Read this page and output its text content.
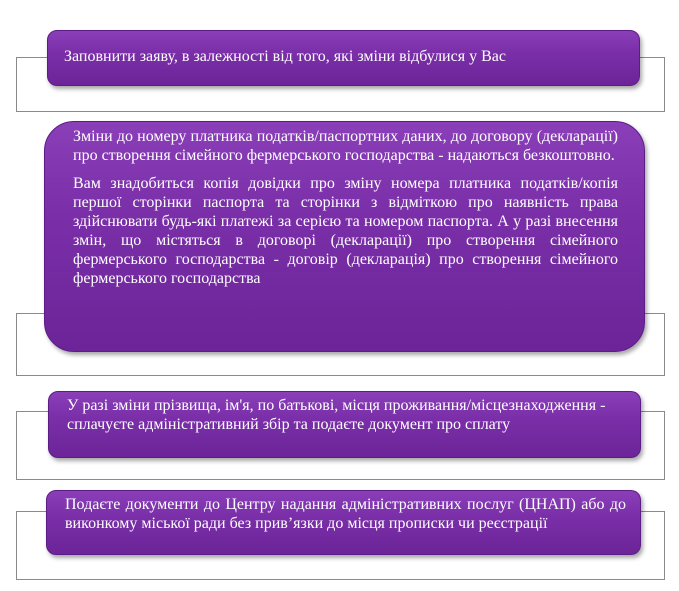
Заповнити заяву, в залежності від того, які зміни відбулися у Вас

Зміни до номеру платника податків/паспортних даних, до договору (декларації) про створення сімейного фермерського господарства - надаються безкоштовно.

Вам знадобиться копія довідки про зміну номера платника податків/копія першої сторінки паспорта та сторінки з відміткою про наявність права здійснювати будь-які платежі за серією та номером паспорта. А у разі внесення змін, що містяться в договорі (декларації) про створення сімейного фермерського господарства - договір (декларація) про створення сімейного фермерського господарства

У разі зміни прізвища, ім'я, по батькові, місця проживання/місцезнаходження - сплачуєте адміністративний збір та подаєте документ про сплату

Подаєте документи до Центру надання адміністративних послуг (ЦНАП) або до виконкому міської ради без прив’язки до місця прописки чи реєстрації
